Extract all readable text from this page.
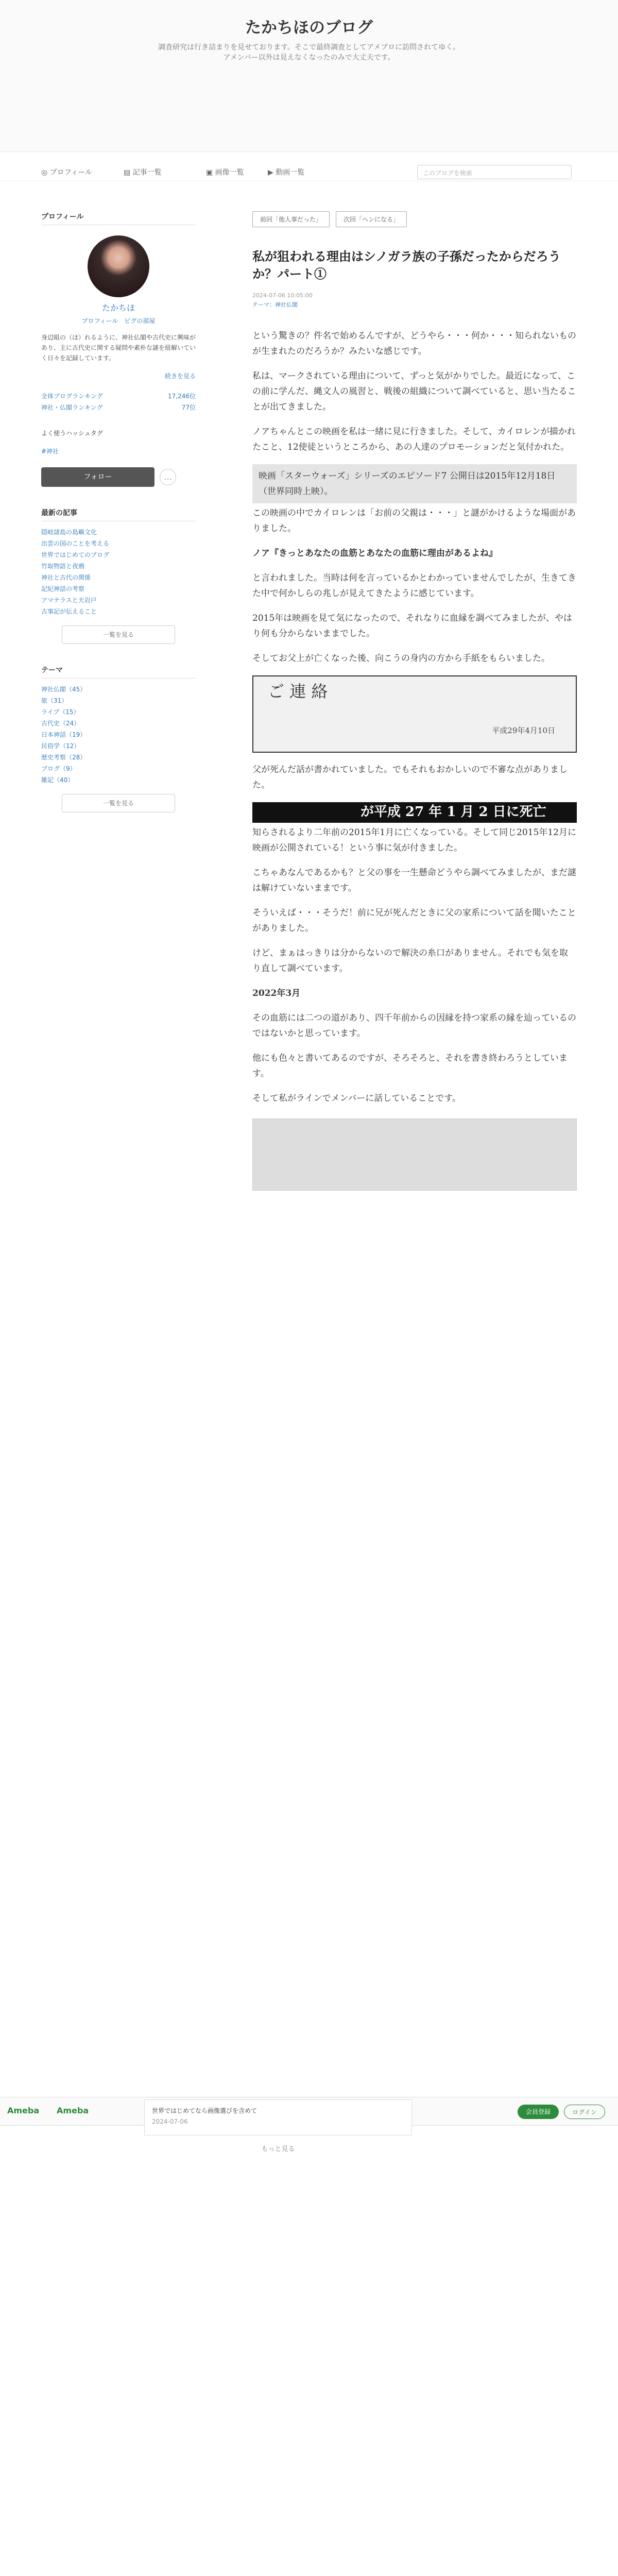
たかちほのブログ
調査研究は行き詰まりを見せております。そこで最終調査としてアメブロに訪問されてゆく。
アメンバー以外は見えなくなったのみで大丈夫です。
◎ プロフィール	▤ 記事一覧	▣ 画像一覧	▶ 動画一覧	このブログを検索
プロフィール
たかちほ
プロフィール　ピグの部屋
身辺組の（ほ）れるように、神社仏閣や古代史に興味があり、主に古代史に関する疑問や素朴な謎を紐解いていく日々を記録しています。
続きを見る
全体ブログランキング	17,246位
神社・仏閣ランキング	77位
よく使うハッシュタグ
#神社
フォロー	…
最新の記事
隠岐諸島の島嶼文化
出雲の国のことを考える
世界ではじめてのブログ
竹取物語と夜鴉
神社と古代の関係
記紀神話の考察
アマテラスと天岩戸
古事記が伝えること
一覧を見る
テーマ
神社仏閣（45）
旅（31）
ライブ（15）
古代史（24）
日本神話（19）
民俗学（12）
歴史考察（28）
ブログ（9）
雑記（40）
一覧を見る
前回「他人事だった」	次回「ヘンになる」
私が狙われる理由はシノガラ族の子孫だったからだろうか？パート①
2024-07-06 10:05:00
テーマ：神社仏閣

という驚きの？件名で始めるんですが、どうやら・・・何か・・・知られないものが生まれたのだろうか？みたいな感じです。

私は、マークされている理由について、ずっと気がかりでした。最近になって、この前に学んだ、縄文人の風習と、戦後の組織について調べていると、思い当たることが出てきました。

ノアちゃんとこの映画を私は一緒に見に行きました。そして、カイロレンが描かれたこと、12使徒というところから、あの人達のプロモーションだと気付かれた。

映画「スターウォーズ」シリーズのエピソード7 公開日は2015年12月18日（世界同時上映）。

この映画の中でカイロレンは「お前の父親は・・・」と謎がかけるような場面がありました。

ノア『きっとあなたの血筋とあなたの血筋に理由があるよね』

と言われました。当時は何を言っているかとわかっていませんでしたが、生きてきた中で何かしらの兆しが見えてきたように感じています。

2015年は映画を見て気になったので、それなりに血縁を調べてみましたが、やはり何も分からないままでした。

そしてお父上が亡くなった後、向こうの身内の方から手紙をもらいました。

ご 連 絡
平成29年4月10日

父が死んだ話が書かれていました。でもそれもおかしいので不審な点がありました。

が平成 27 年 1 月 2 日に死亡

知らされるより二年前の2015年1月に亡くなっている。そして同じ2015年12月に映画が公開されている！という事に気が付きました。

こちゃあなんであるかも？と父の事を一生懸命どうやら調べてみましたが、まだ謎は解けていないままです。

そういえば・・・そうだ！前に兄が死んだときに父の家系について話を聞いたことがありました。

けど、まぁはっきりは分からないので解決の糸口がありません。それでも気を取り直して調べています。

2022年3月

その血筋には二つの道があり、四千年前からの因縁を持つ家系の縁を辿っているのではないかと思っています。

他にも色々と書いてあるのですが、そろそろと、それを書き終わろうとしています。

そして私がラインでメンバーに話していることです。

Ameba Ameba	会員登録	ログイン
世界ではじめてなら画像選びを含めて
2024-07-06
もっと見る
